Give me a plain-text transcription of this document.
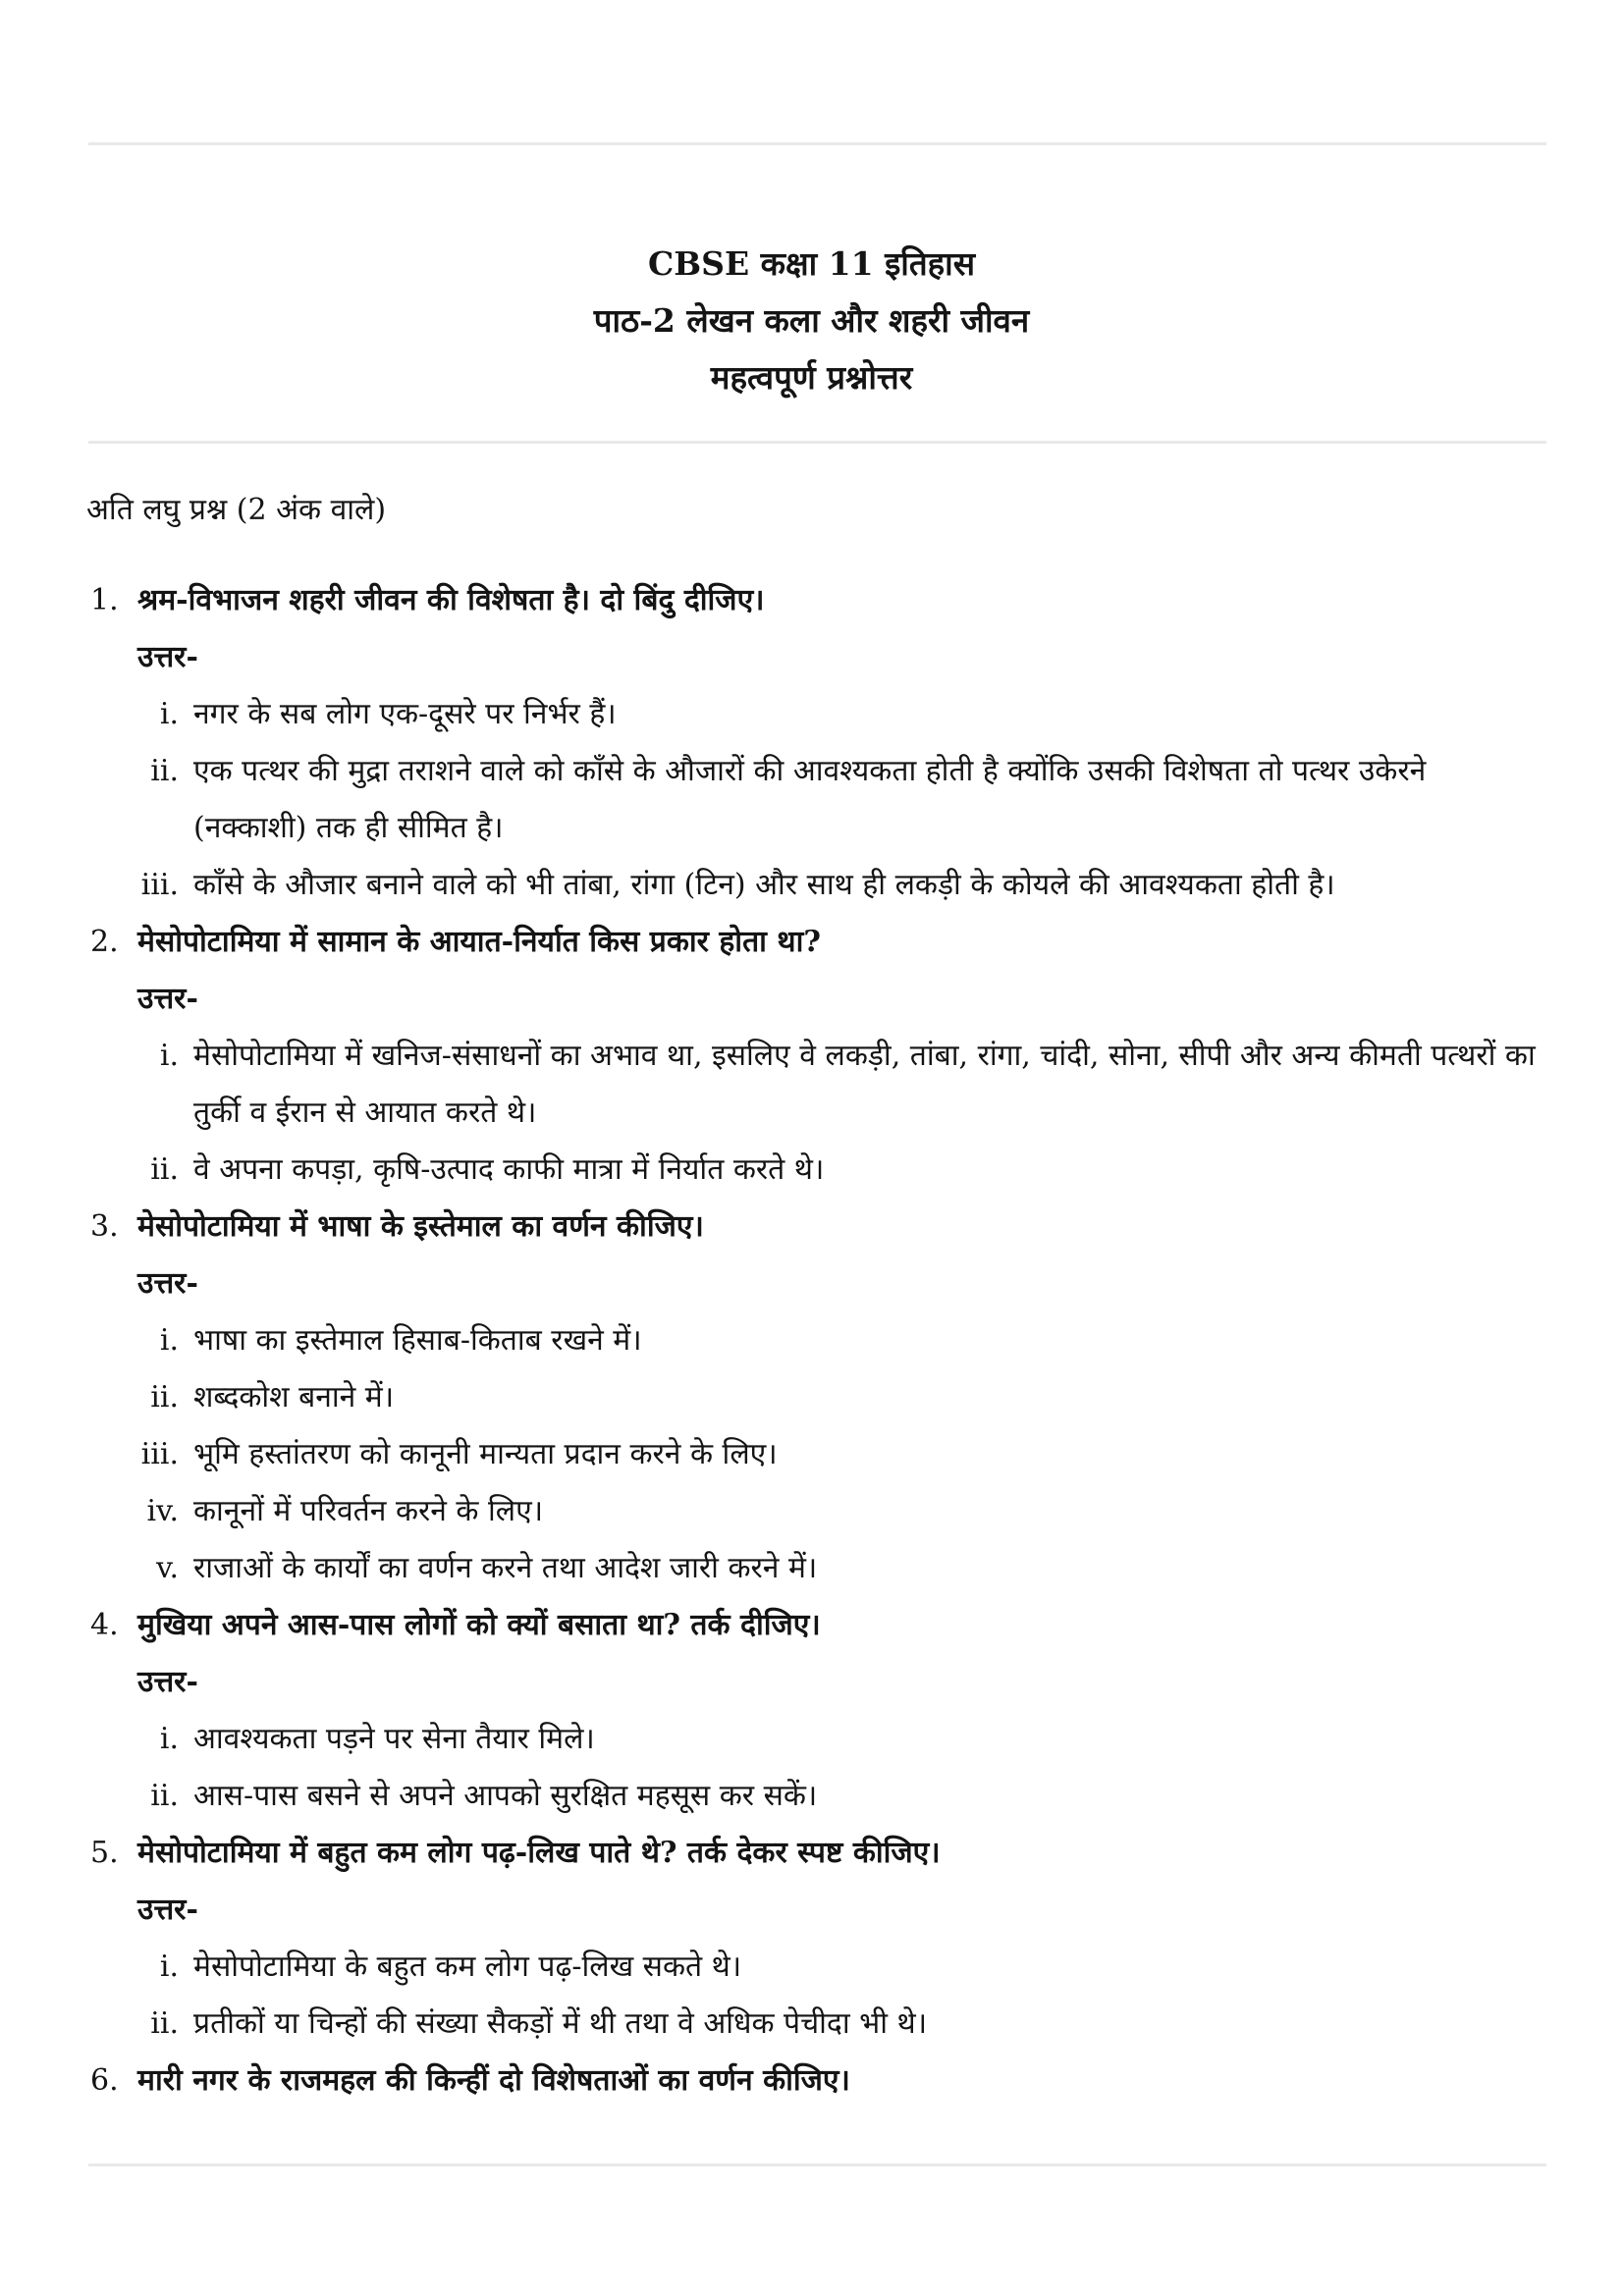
CBSE कक्षा 11 इतिहास
पाठ-2 लेखन कला और शहरी जीवन
महत्वपूर्ण प्रश्नोत्तर
अति लघु प्रश्न (2 अंक वाले)
1. श्रम-विभाजन शहरी जीवन की विशेषता है। दो बिंदु दीजिए।
उत्तर-
i. नगर के सब लोग एक-दूसरे पर निर्भर हैं।
ii. एक पत्थर की मुद्रा तराशने वाले को काँसे के औजारों की आवश्यकता होती है क्योंकि उसकी विशेषता तो पत्थर उकेरने (नक्काशी) तक ही सीमित है।
iii. काँसे के औजार बनाने वाले को भी तांबा, रांगा (टिन) और साथ ही लकड़ी के कोयले की आवश्यकता होती है।
2. मेसोपोटामिया में सामान के आयात-निर्यात किस प्रकार होता था?
उत्तर-
i. मेसोपोटामिया में खनिज-संसाधनों का अभाव था, इसलिए वे लकड़ी, तांबा, रांगा, चांदी, सोना, सीपी और अन्य कीमती पत्थरों का तुर्की व ईरान से आयात करते थे।
ii. वे अपना कपड़ा, कृषि-उत्पाद काफी मात्रा में निर्यात करते थे।
3. मेसोपोटामिया में भाषा के इस्तेमाल का वर्णन कीजिए।
उत्तर-
i. भाषा का इस्तेमाल हिसाब-किताब रखने में।
ii. शब्दकोश बनाने में।
iii. भूमि हस्तांतरण को कानूनी मान्यता प्रदान करने के लिए।
iv. कानूनों में परिवर्तन करने के लिए।
v. राजाओं के कार्यों का वर्णन करने तथा आदेश जारी करने में।
4. मुखिया अपने आस-पास लोगों को क्यों बसाता था? तर्क दीजिए।
उत्तर-
i. आवश्यकता पड़ने पर सेना तैयार मिले।
ii. आस-पास बसने से अपने आपको सुरक्षित महसूस कर सकें।
5. मेसोपोटामिया में बहुत कम लोग पढ़-लिख पाते थे? तर्क देकर स्पष्ट कीजिए।
उत्तर-
i. मेसोपोटामिया के बहुत कम लोग पढ़-लिख सकते थे।
ii. प्रतीकों या चिन्हों की संख्या सैकड़ों में थी तथा वे अधिक पेचीदा भी थे।
6. मारी नगर के राजमहल की किन्हीं दो विशेषताओं का वर्णन कीजिए।
